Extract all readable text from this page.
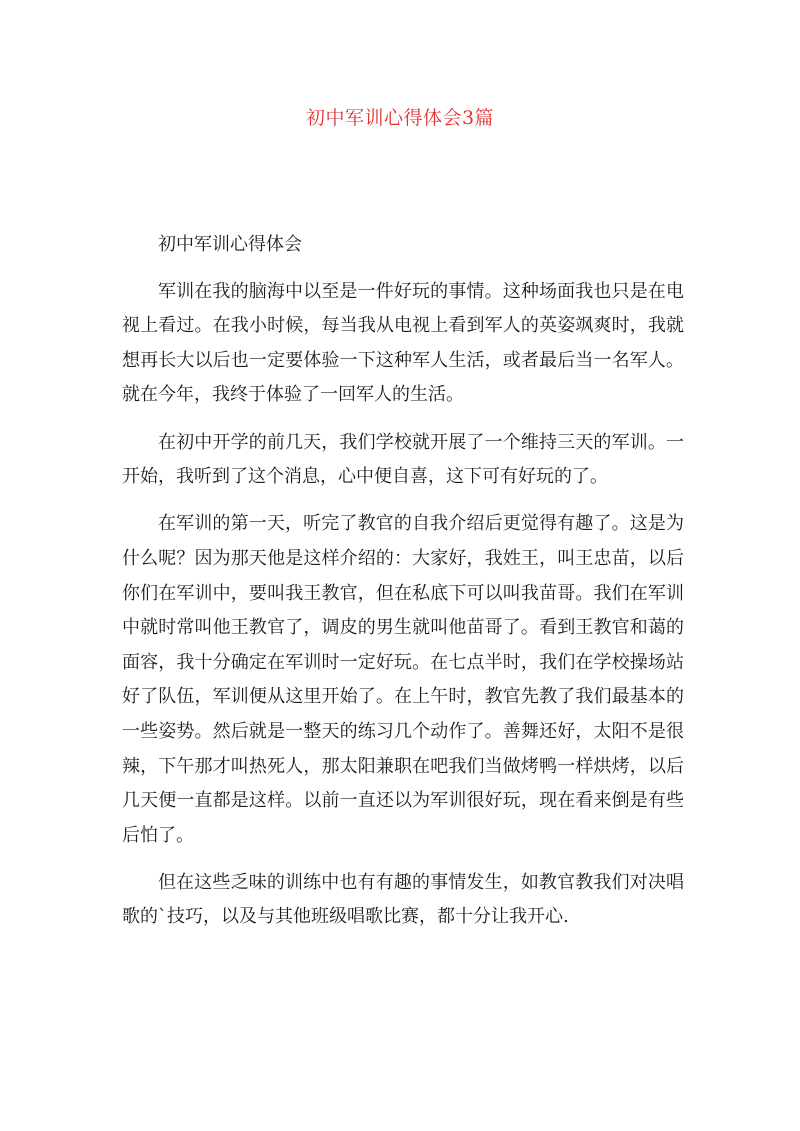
初中军训心得体会3篇

初中军训心得体会

军训在我的脑海中以至是一件好玩的事情。这种场面我也只是在电视上看过。在我小时候，每当我从电视上看到军人的英姿飒爽时，我就想再长大以后也一定要体验一下这种军人生活，或者最后当一名军人。就在今年，我终于体验了一回军人的生活。

在初中开学的前几天，我们学校就开展了一个维持三天的军训。一开始，我听到了这个消息，心中便自喜，这下可有好玩的了。

在军训的第一天，听完了教官的自我介绍后更觉得有趣了。这是为什么呢？因为那天他是这样介绍的：大家好，我姓王，叫王忠苗，以后你们在军训中，要叫我王教官，但在私底下可以叫我苗哥。我们在军训中就时常叫他王教官了，调皮的男生就叫他苗哥了。看到王教官和蔼的面容，我十分确定在军训时一定好玩。在七点半时，我们在学校操场站好了队伍，军训便从这里开始了。在上午时，教官先教了我们最基本的一些姿势。然后就是一整天的练习几个动作了。善舞还好，太阳不是很辣，下午那才叫热死人，那太阳兼职在吧我们当做烤鸭一样烘烤，以后几天便一直都是这样。以前一直还以为军训很好玩，现在看来倒是有些后怕了。

但在这些乏味的训练中也有有趣的事情发生，如教官教我们对决唱歌的`技巧，以及与其他班级唱歌比赛，都十分让我开心.
